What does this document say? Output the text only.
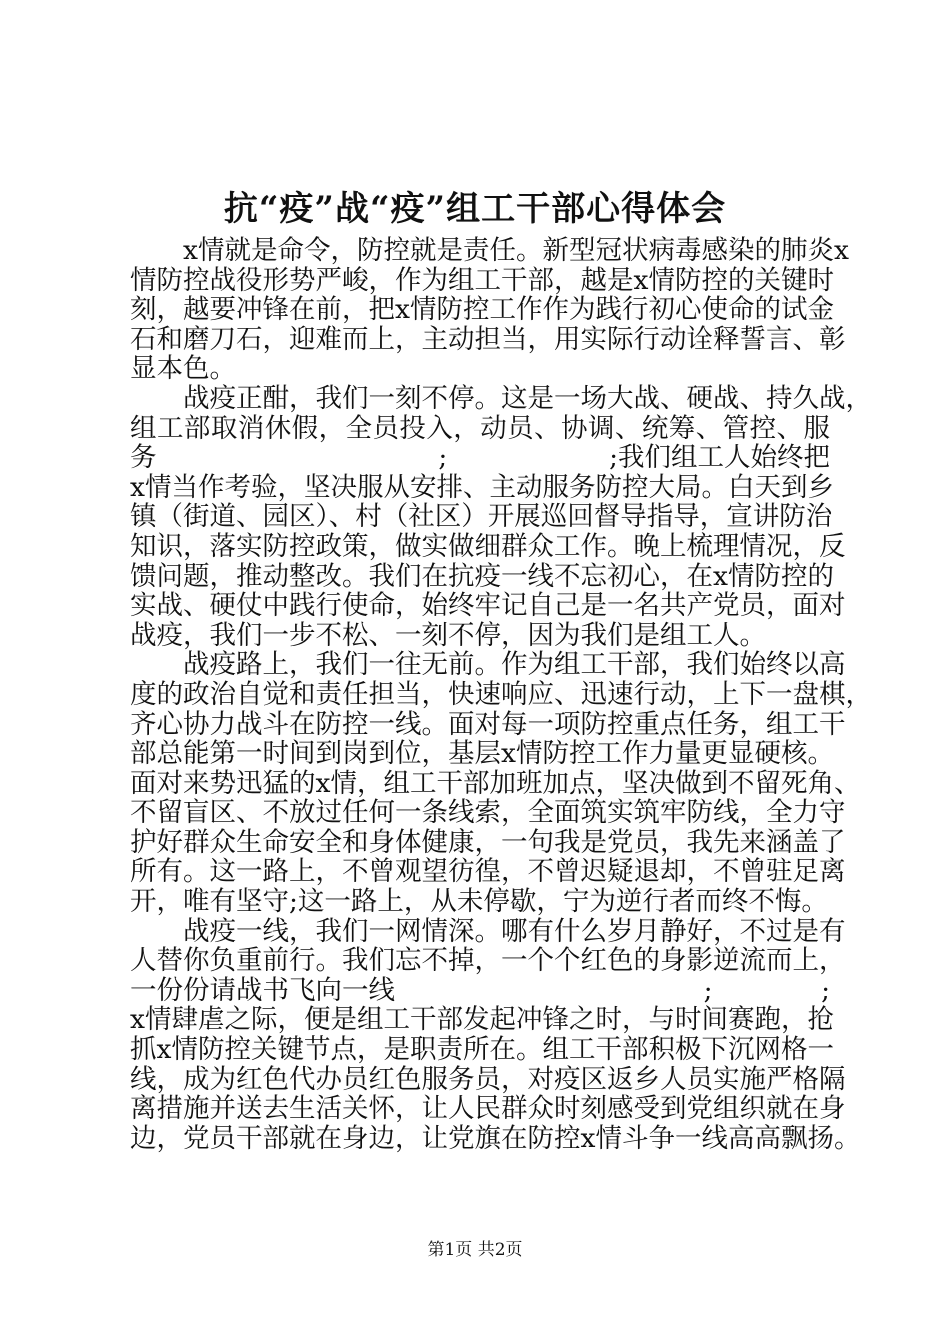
抗“疫”战“疫”组工干部心得体会
x情就是命令，防控就是责任。新型冠状病毒感染的肺炎x
情防控战役形势严峻，作为组工干部，越是x情防控的关键时
刻，越要冲锋在前，把x情防控工作作为践行初心使命的试金
石和磨刀石，迎难而上，主动担当，用实际行动诠释誓言、彰
显本色。
战疫正酣，我们一刻不停。这是一场大战、硬战、持久战，
组工部取消休假，全员投入，动员、协调、统筹、管控、服
务	;	;我们组工人始终把
x情当作考验，坚决服从安排、主动服务防控大局。白天到乡
镇（街道、园区）、村（社区）开展巡回督导指导，宣讲防治
知识，落实防控政策，做实做细群众工作。晚上梳理情况，反
馈问题，推动整改。我们在抗疫一线不忘初心，在x情防控的
实战、硬仗中践行使命，始终牢记自己是一名共产党员，面对
战疫，我们一步不松、一刻不停，因为我们是组工人。
战疫路上，我们一往无前。作为组工干部，我们始终以高
度的政治自觉和责任担当，快速响应、迅速行动，上下一盘棋，
齐心协力战斗在防控一线。面对每一项防控重点任务，组工干
部总能第一时间到岗到位，基层x情防控工作力量更显硬核。
面对来势迅猛的x情，组工干部加班加点，坚决做到不留死角、
不留盲区、不放过任何一条线索，全面筑实筑牢防线，全力守
护好群众生命安全和身体健康，一句我是党员，我先来涵盖了
所有。这一路上，不曾观望彷徨，不曾迟疑退却，不曾驻足离
开，唯有坚守;这一路上，从未停歇，宁为逆行者而终不悔。
战疫一线，我们一网情深。哪有什么岁月静好，不过是有
人替你负重前行。我们忘不掉，一个个红色的身影逆流而上，
一份份请战书飞向一线	;	;
x情肆虐之际，便是组工干部发起冲锋之时，与时间赛跑，抢
抓x情防控关键节点，是职责所在。组工干部积极下沉网格一
线，成为红色代办员红色服务员，对疫区返乡人员实施严格隔
离措施并送去生活关怀，让人民群众时刻感受到党组织就在身
边，党员干部就在身边，让党旗在防控x情斗争一线高高飘扬。
第1页 共2页
